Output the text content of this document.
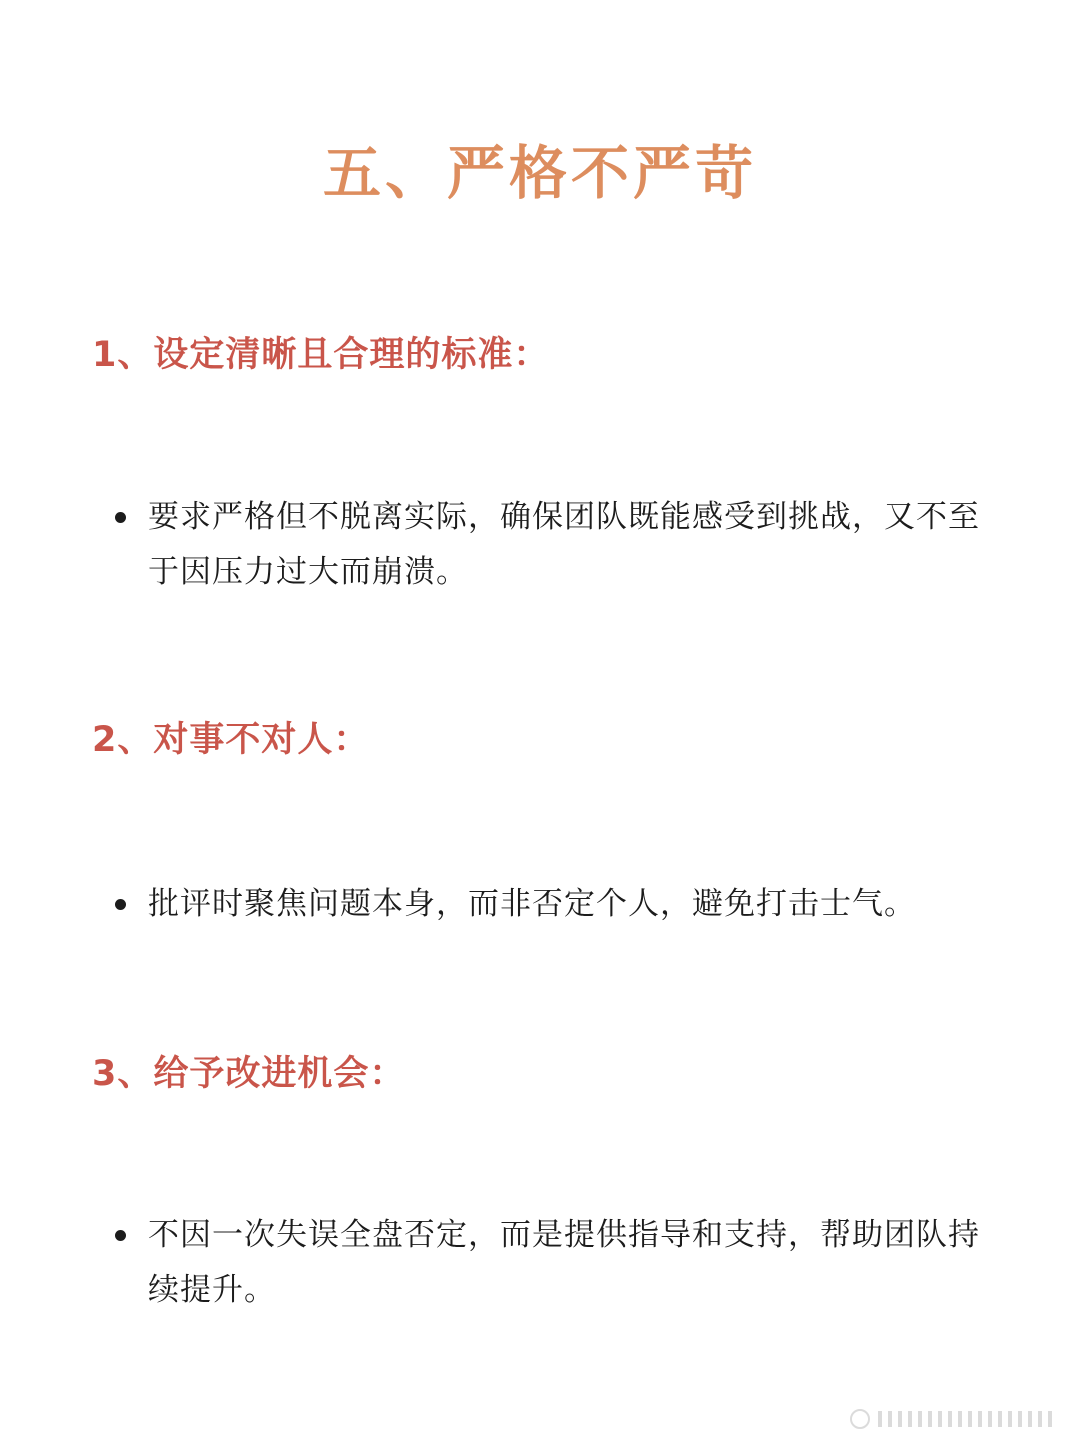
五、严格不严苛
1、设定清晰且合理的标准：
要求严格但不脱离实际，确保团队既能感受到挑战，又不至于因压力过大而崩溃。
2、对事不对人：
批评时聚焦问题本身，而非否定个人，避免打击士气。
3、给予改进机会：
不因一次失误全盘否定，而是提供指导和支持，帮助团队持续提升。
